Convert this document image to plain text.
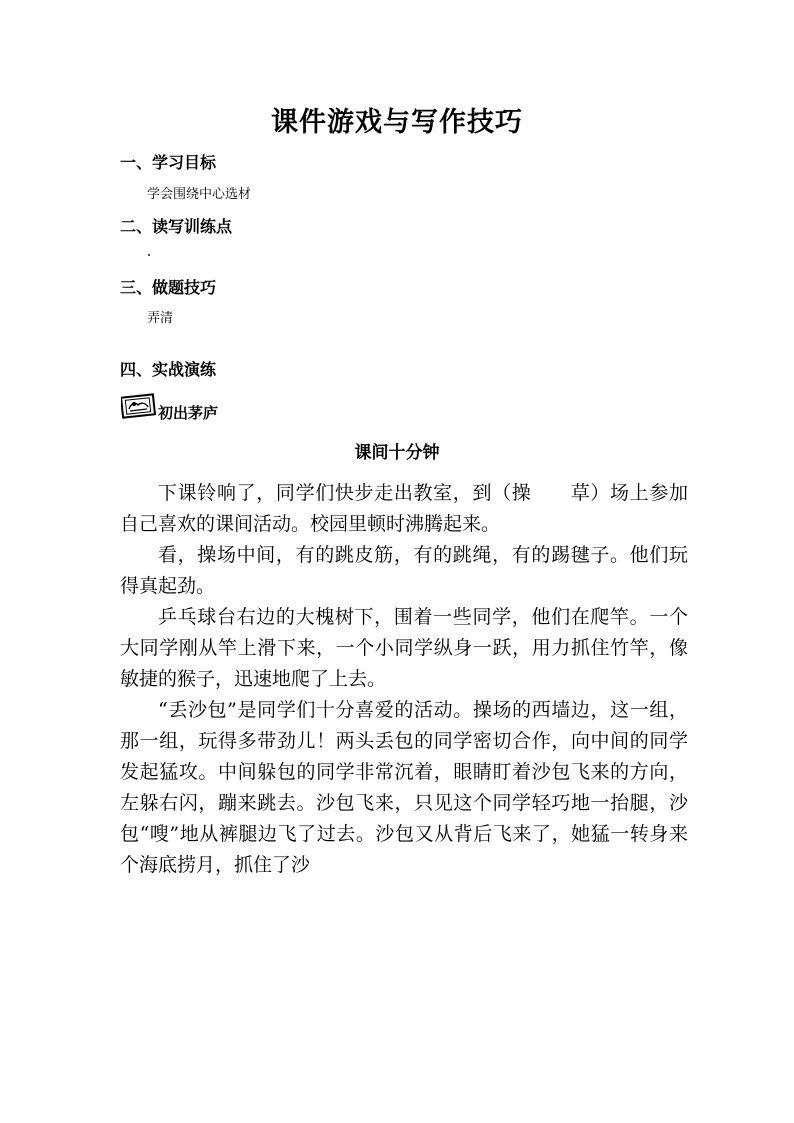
课件游戏与写作技巧
一、学习目标
学会围绕中心选材
二、读写训练点
三、做题技巧
弄清
四、实战演练
初出茅庐
课间十分钟

下课铃响了，同学们快步走出教室，到（操　　草）场上参加自己喜欢的课间活动。校园里顿时沸腾起来。

看，操场中间，有的跳皮筋，有的跳绳，有的踢毽子。他们玩得真起劲。

乒乓球台右边的大槐树下，围着一些同学，他们在爬竿。一个大同学刚从竿上滑下来，一个小同学纵身一跃，用力抓住竹竿，像敏捷的猴子，迅速地爬了上去。

“丢沙包”是同学们十分喜爱的活动。操场的西墙边，这一组，那一组，玩得多带劲儿！两头丢包的同学密切合作，向中间的同学发起猛攻。中间躲包的同学非常沉着，眼睛盯着沙包飞来的方向，左躲右闪，蹦来跳去。沙包飞来，只见这个同学轻巧地一抬腿，沙包“嗖”地从裤腿边飞了过去。沙包又从背后飞来了，她猛一转身来个海底捞月，抓住了沙
